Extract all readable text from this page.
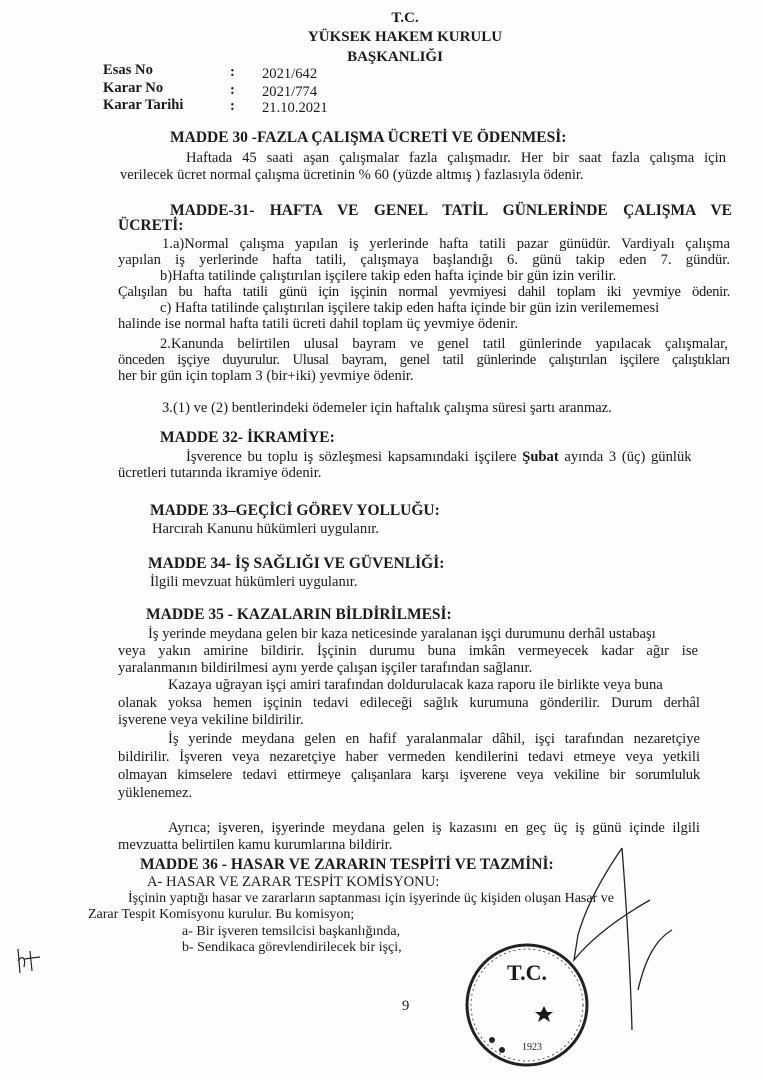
T.C.
YÜKSEK HAKEM KURULU
BAŞKANLIĞI
Esas No	: 2021/642
Karar No	: 2021/774
Karar Tarihi	: 21.10.2021
MADDE 30 -FAZLA ÇALIŞMA ÜCRETİ VE ÖDENMESİ:
Haftada 45 saati aşan çalışmalar fazla çalışmadır. Her bir saat fazla çalışma için
verilecek ücret normal çalışma ücretinin % 60 (yüzde altmış ) fazlasıyla ödenir.
MADDE-31- HAFTA VE GENEL TATİL GÜNLERİNDE ÇALIŞMA VE
ÜCRETİ:
1.a)Normal çalışma yapılan iş yerlerinde hafta tatili pazar günüdür. Vardiyalı çalışma
yapılan iş yerlerinde hafta tatili, çalışmaya başlandığı 6. günü takip eden 7. gündür.
b)Hafta tatilinde çalıştırılan işçilere takip eden hafta içinde bir gün izin verilir.
Çalışılan bu hafta tatili günü için işçinin normal yevmiyesi dahil toplam iki yevmiye ödenir.
c) Hafta tatilinde çalıştırılan işçilere takip eden hafta içinde bir gün izin verilememesi
halinde ise normal hafta tatili ücreti dahil toplam üç yevmiye ödenir.
2.Kanunda belirtilen ulusal bayram ve genel tatil günlerinde yapılacak çalışmalar,
önceden işçiye duyurulur. Ulusal bayram, genel tatil günlerinde çalıştırılan işçilere çalıştıkları
her bir gün için toplam 3 (bir+iki) yevmiye ödenir.
3.(1) ve (2) bentlerindeki ödemeler için haftalık çalışma süresi şartı aranmaz.
MADDE 32- İKRAMİYE:
İşverence bu toplu iş sözleşmesi kapsamındaki işçilere Şubat ayında 3 (üç) günlük
ücretleri tutarında ikramiye ödenir.
MADDE 33–GEÇİCİ GÖREV YOLLUĞU:
Harcırah Kanunu hükümleri uygulanır.
MADDE 34- İŞ SAĞLIĞI VE GÜVENLİĞİ:
İlgili mevzuat hükümleri uygulanır.
MADDE 35 - KAZALARIN BİLDİRİLMESİ:
İş yerinde meydana gelen bir kaza neticesinde yaralanan işçi durumunu derhâl ustabaşı
veya yakın amirine bildirir. İşçinin durumu buna imkân vermeyecek kadar ağır ise
yaralanmanın bildirilmesi aynı yerde çalışan işçiler tarafından sağlanır.
Kazaya uğrayan işçi amiri tarafından doldurulacak kaza raporu ile birlikte veya buna
olanak yoksa hemen işçinin tedavi edileceği sağlık kurumuna gönderilir. Durum derhâl
işverene veya vekiline bildirilir.
İş yerinde meydana gelen en hafif yaralanmalar dâhil, işçi tarafından nezaretçiye
bildirilir. İşveren veya nezaretçiye haber vermeden kendilerini tedavi etmeye veya yetkili
olmayan kimselere tedavi ettirmeye çalışanlara karşı işverene veya vekiline bir sorumluluk
yüklenemez.
Ayrıca; işveren, işyerinde meydana gelen iş kazasını en geç üç iş günü içinde ilgili
mevzuatta belirtilen kamu kurumlarına bildirir.
MADDE 36 - HASAR VE ZARARIN TESPİTİ VE TAZMİNİ:
A- HASAR VE ZARAR TESPİT KOMİSYONU:
İşçinin yaptığı hasar ve zararların saptanması için işyerinde üç kişiden oluşan Hasar ve
Zarar Tespit Komisyonu kurulur. Bu komisyon;
a- Bir işveren temsilcisi başkanlığında,
b- Sendikaca görevlendirilecek bir işçi,
9
T.C.
1923
